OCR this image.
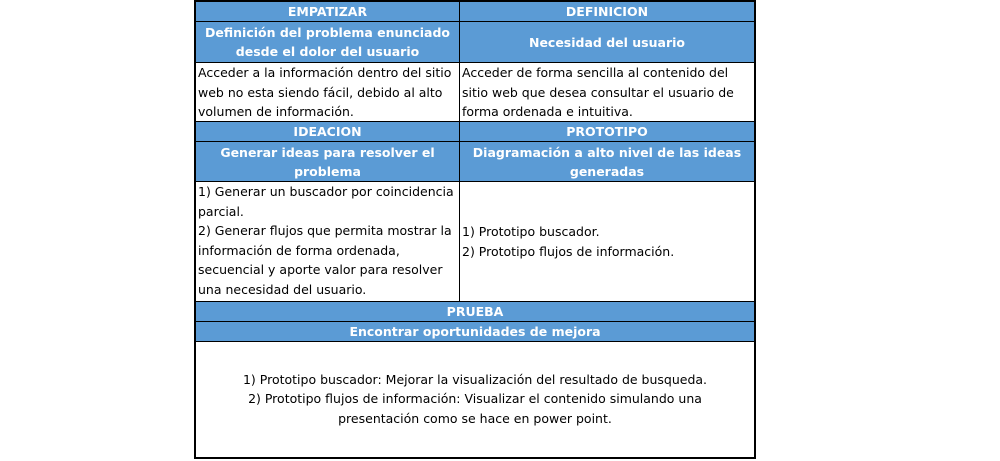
EMPATIZAR	DEFINICION
Definición del problema enunciado desde el dolor del usuario
Necesidad del usuario
Acceder a la información dentro del sitio web no esta siendo fácil, debido al alto volumen de información.
Acceder de forma sencilla al contenido del sitio web que desea consultar el usuario de forma ordenada e intuitiva.
IDEACION	PROTOTIPO
Generar ideas para resolver el problema
Diagramación a alto nivel de las ideas generadas
1) Generar un buscador por coincidencia parcial.
2) Generar flujos que permita mostrar la información de forma ordenada, secuencial y aporte valor para resolver una necesidad del usuario.
1) Prototipo buscador.
2) Prototipo flujos de información.
PRUEBA
Encontrar oportunidades de mejora
1) Prototipo buscador: Mejorar la visualización del resultado de busqueda.
2) Prototipo flujos de información: Visualizar el contenido simulando una presentación como se hace en power point.
